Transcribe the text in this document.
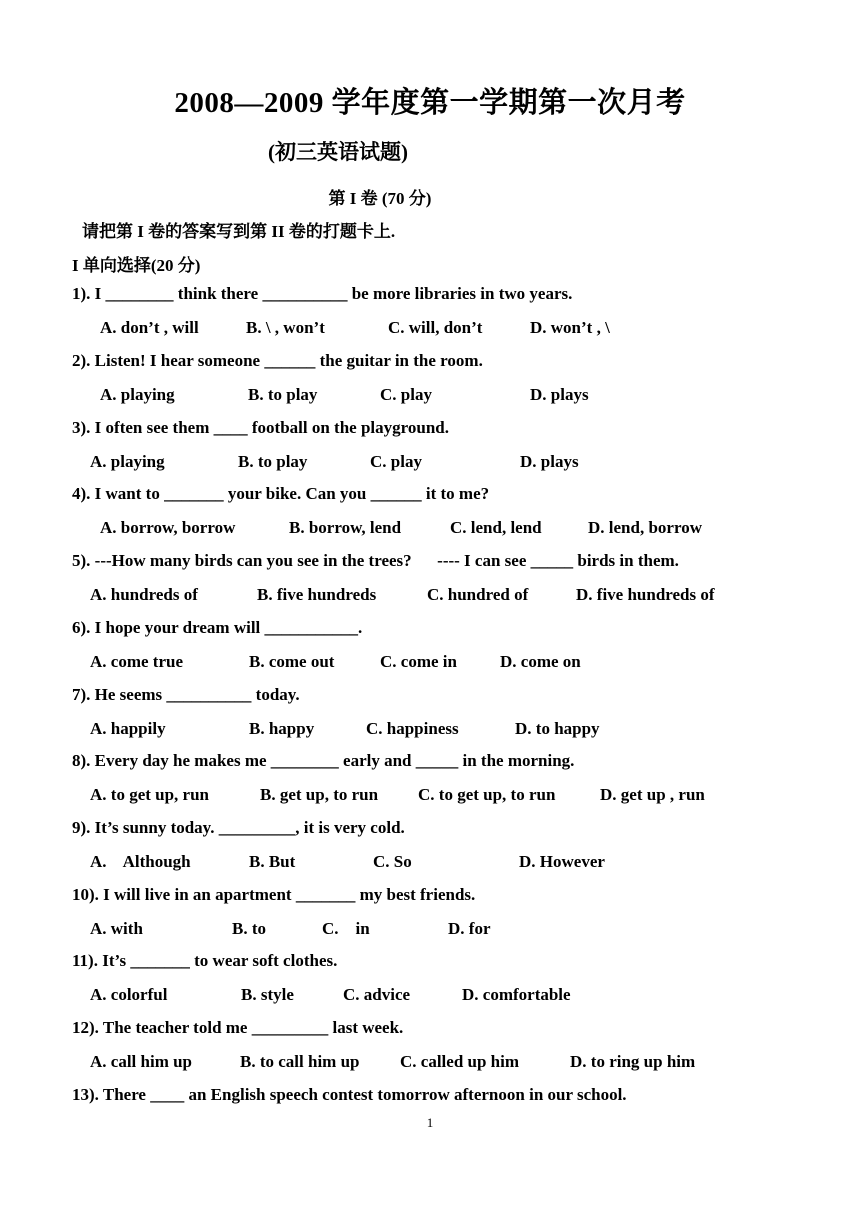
2008—2009 学年度第一学期第一次月考
(初三英语试题)
第 I 卷 (70 分)
请把第 I 卷的答案写到第 II 卷的打题卡上.
I 单向选择(20 分)
1). I ________ think there __________ be more libraries in two years.
A. don’t , will	B. \ , won’t	C. will, don’t	D. won’t , \
2). Listen! I hear someone ______ the guitar in the room.
A. playing	B. to play	C. play	D. plays
3). I often see them ____ football on the playground.
A. playing	B. to play	C. play	D. plays
4). I want to _______ your bike. Can you ______ it to me?
A. borrow, borrow	B. borrow, lend	C. lend, lend	D. lend, borrow
5). ---How many birds can you see in the trees?      ---- I can see _____ birds in them.
A. hundreds of	B. five hundreds	C. hundred of	D. five hundreds of
6). I hope your dream will ___________.
A. come true	B. come out	C. come in	D. come on
7). He seems __________ today.
A. happily	B. happy	C. happiness	D. to happy
8). Every day he makes me ________ early and _____ in the morning.
A. to get up, run	B. get up, to run C. to get up, to run	D. get up , run
9). It’s sunny today. _________, it is very cold.
A.    Although	B. But	C. So	D. However
10). I will live in an apartment _______ my best friends.
A. with	B. to	C.    in	D. for
11). It’s _______ to wear soft clothes.
A. colorful	B. style	C. advice	D. comfortable
12). The teacher told me _________ last week.
A. call him up	B. to call him up C. called up him	D. to ring up him
13). There ____ an English speech contest tomorrow afternoon in our school.
1
